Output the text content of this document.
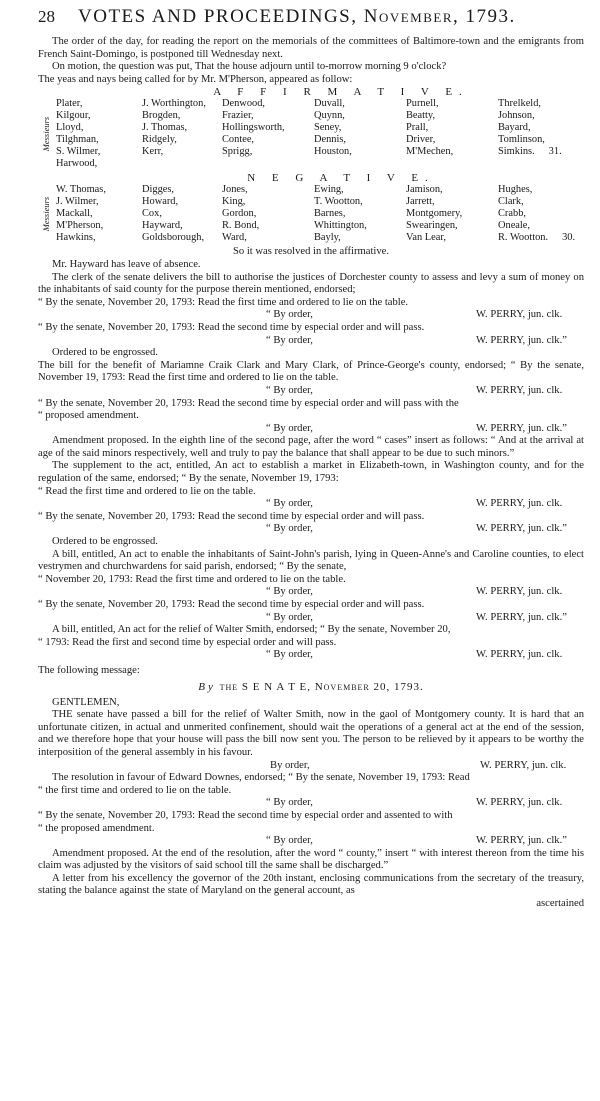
28	VOTES AND PROCEEDINGS, November, 1793.

The order of the day, for reading the report on the memorials of the committees of Baltimore-town and the emigrants from French Saint-Domingo, is postponed till Wednesday next.

On motion, the question was put, That the house adjourn until to-morrow morning 9 o'clock?

The yeas and nays being called for by Mr. M'Pherson, appeared as follow:

A F F I R M A T I V E.
Messieurs
Plater,	J. Worthington,	Denwood,	Duvall,	Purnell,	Threlkeld,
Kilgour,	Brogden,	Frazier,	Quynn,	Beatty,	Johnson,
Lloyd,	J. Thomas,	Hollingsworth,	Seney,	Prall,	Bayard,
Tilghman,	Ridgely,	Contee,	Dennis,	Driver,	Tomlinson,
S. Wilmer,	Kerr,	Sprigg,	Houston,	M'Mechen,	Simkins. 31.
Harwood,
N E G A T I V E.
Messieurs
W. Thomas,	Digges,	Jones,	Ewing,	Jamison,	Hughes,
J. Wilmer,	Howard,	King,	T. Wootton,	Jarrett,	Clark,
Mackall,	Cox,	Gordon,	Barnes,	Montgomery,	Crabb,
M'Pherson,	Hayward,	R. Bond,	Whittington,	Swearingen,	Oneale,
Hawkins,	Goldsborough,	Ward,	Bayly,	Van Lear,	R. Wootton. 30.
So it was resolved in the affirmative.

Mr. Hayward has leave of absence.

The clerk of the senate delivers the bill to authorise the justices of Dorchester county to assess and levy a sum of money on the inhabitants of said county for the purpose therein mentioned, endorsed;

“ By the senate, November 20, 1793: Read the first time and ordered to lie on the table.
“ By order,	W. PERRY, jun. clk.
“ By the senate, November 20, 1793: Read the second time by especial order and will pass.
“ By order,	W. PERRY, jun. clk.”

Ordered to be engrossed.

The bill for the benefit of Mariamne Craik Clark and Mary Clark, of Prince-George's county, endorsed; “ By the senate, November 19, 1793: Read the first time and ordered to lie on the table.

“ By order,	W. PERRY, jun. clk.
“ By the senate, November 20, 1793: Read the second time by especial order and will pass with the
“ proposed amendment.
“ By order,	W. PERRY, jun. clk.”

Amendment proposed. In the eighth line of the second page, after the word “ cases” insert as follows: “ And at the arrival at age of the said minors respectively, well and truly to pay the balance that shall appear to be due to such minors.”

The supplement to the act, entitled, An act to establish a market in Elizabeth-town, in Washington county, and for the regulation of the same, endorsed; “ By the senate, November 19, 1793:

“ Read the first time and ordered to lie on the table.
“ By order,	W. PERRY, jun. clk.
“ By the senate, November 20, 1793: Read the second time by especial order and will pass.
“ By order,	W. PERRY, jun. clk.”

Ordered to be engrossed.

A bill, entitled, An act to enable the inhabitants of Saint-John's parish, lying in Queen-Anne's and Caroline counties, to elect vestrymen and churchwardens for said parish, endorsed; “ By the senate,

“ November 20, 1793: Read the first time and ordered to lie on the table.
“ By order,	W. PERRY, jun. clk.
“ By the senate, November 20, 1793: Read the second time by especial order and will pass.
“ By order,	W. PERRY, jun. clk.”

A bill, entitled, An act for the relief of Walter Smith, endorsed; “ By the senate, November 20,

“ 1793: Read the first and second time by especial order and will pass.
“ By order,	W. PERRY, jun. clk.

The following message:

By the S E N A T E, November 20, 1793.

GENTLEMEN,

THE senate have passed a bill for the relief of Walter Smith, now in the gaol of Montgomery county. It is hard that an unfortunate citizen, in actual and unmerited confinement, should wait the operations of a general act at the end of the session, and we therefore hope that your house will pass the bill now sent you. The person to be relieved by it appears to be worthy the interposition of the general assembly in his favour.

By order,	W. PERRY, jun. clk.

The resolution in favour of Edward Downes, endorsed; “ By the senate, November 19, 1793: Read

“ the first time and ordered to lie on the table.
“ By order,	W. PERRY, jun. clk.
“ By the senate, November 20, 1793: Read the second time by especial order and assented to with
“ the proposed amendment.
“ By order,	W. PERRY, jun. clk.”

Amendment proposed. At the end of the resolution, after the word “ county,” insert “ with interest thereon from the time his claim was adjusted by the visitors of said school till the same shall be discharged.”

A letter from his excellency the governor of the 20th instant, enclosing communications from the secretary of the treasury, stating the balance against the state of Maryland on the general account, as

ascertained
